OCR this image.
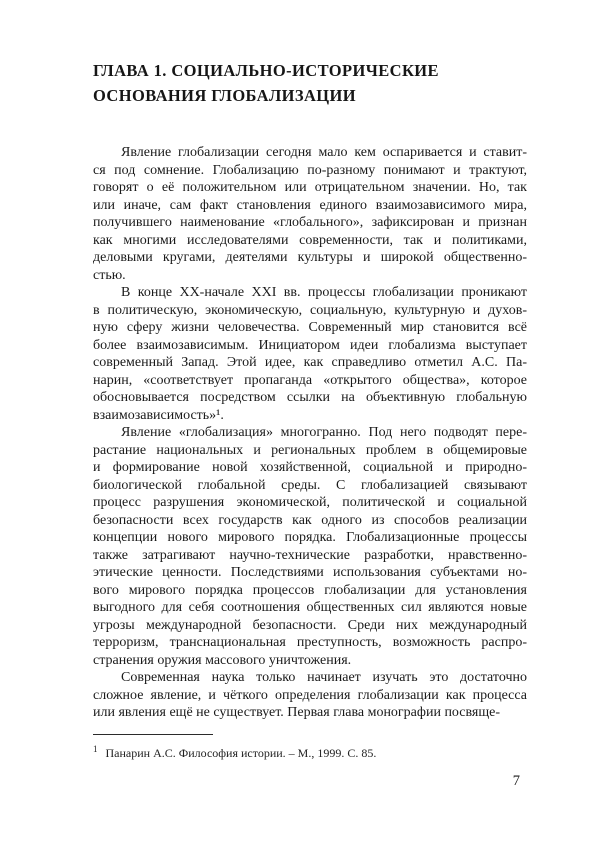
ГЛАВА 1. СОЦИАЛЬНО-ИСТОРИЧЕСКИЕ
ОСНОВАНИЯ ГЛОБАЛИЗАЦИИ
Явление глобализации сегодня мало кем оспаривается и ставит-
ся под сомнение. Глобализацию по-разному понимают и трактуют,
говорят о её положительном или отрицательном значении. Но, так
или иначе, сам факт становления единого взаимозависимого мира,
получившего наименование «глобального», зафиксирован и признан
как многими исследователями современности, так и политиками,
деловыми кругами, деятелями культуры и широкой общественно-
стью.
В конце XX-начале XXI вв. процессы глобализации проникают
в политическую, экономическую, социальную, культурную и духов-
ную сферу жизни человечества. Современный мир становится всё
более взаимозависимым. Инициатором идеи глобализма выступает
современный Запад. Этой идее, как справедливо отметил А.С. Па-
нарин, «соответствует пропаганда «открытого общества», которое
обосновывается посредством ссылки на объективную глобальную
взаимозависимость»¹.
Явление «глобализация» многогранно. Под него подводят пере-
растание национальных и региональных проблем в общемировые
и формирование новой хозяйственной, социальной и природно-
биологической глобальной среды. С глобализацией связывают
процесс разрушения экономической, политической и социальной
безопасности всех государств как одного из способов реализации
концепции нового мирового порядка. Глобализационные процессы
также затрагивают научно-технические разработки, нравственно-
этические ценности. Последствиями использования субъектами но-
вого мирового порядка процессов глобализации для установления
выгодного для себя соотношения общественных сил являются новые
угрозы международной безопасности. Среди них международный
терроризм, транснациональная преступность, возможность распро-
странения оружия массового уничтожения.
Современная наука только начинает изучать это достаточно
сложное явление, и чёткого определения глобализации как процесса
или явления ещё не существует. Первая глава монографии посвяще-
$^1$ Панарин А.С. Философия истории. – М., 1999. С. 85.
7
